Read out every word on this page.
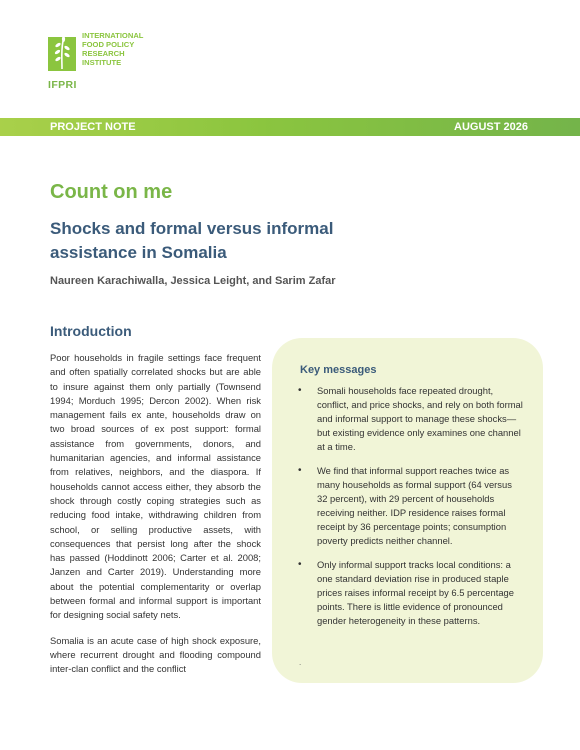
INTERNATIONAL
FOOD POLICY
RESEARCH
INSTITUTE
IFPRI
PROJECT NOTE	AUGUST 2026
Count on me
Shocks and formal versus informal assistance in Somalia
Naureen Karachiwalla, Jessica Leight, and Sarim Zafar
Introduction

Poor households in fragile settings face frequent and often spatially correlated shocks but are able to insure against them only partially (Townsend 1994; Morduch 1995; Dercon 2002). When risk management fails ex ante, households draw on two broad sources of ex post support: formal assistance from governments, donors, and humanitarian agencies, and informal assistance from relatives, neighbors, and the diaspora. If households cannot access either, they absorb the shock through costly coping strategies such as reducing food intake, withdrawing children from school, or selling productive assets, with consequences that persist long after the shock has passed (Hoddinott 2006; Carter et al. 2008; Janzen and Carter 2019). Understanding more about the potential complementarity or overlap between formal and informal support is important for designing social safety nets.

Somalia is an acute case of high shock exposure, where recurrent drought and flooding compound inter-clan conflict and the conflict

Key messages
• Somali households face repeated drought, conflict, and price shocks, and rely on both formal and informal support to manage these shocks—but existing evidence only examines one channel at a time.
• We find that informal support reaches twice as many households as formal support (64 versus 32 percent), with 29 percent of households receiving neither. IDP residence raises formal receipt by 36 percentage points; consumption poverty predicts neither channel.
• Only informal support tracks local conditions: a one standard deviation rise in produced staple prices raises informal receipt by 6.5 percentage points. There is little evidence of pronounced gender heterogeneity in these patterns.
.
